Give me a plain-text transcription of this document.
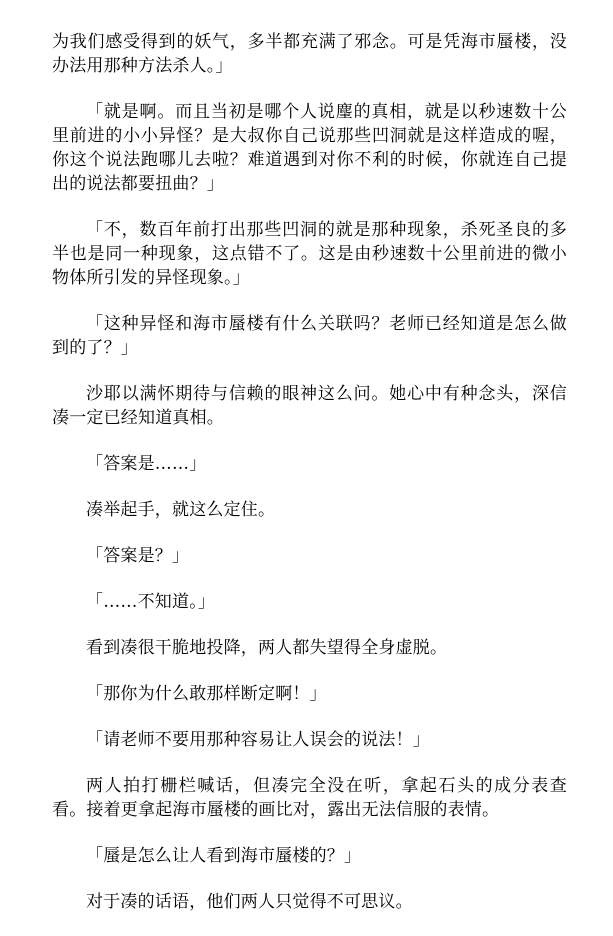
为我们感受得到的妖气，多半都充满了邪念。可是凭海市蜃楼，没办法用那种方法杀人。」

「就是啊。而且当初是哪个人说麈的真相，就是以秒速数十公里前进的小小异怪？是大叔你自己说那些凹洞就是这样造成的喔，你这个说法跑哪儿去啦？难道遇到对你不利的时候，你就连自己提出的说法都要扭曲？」

「不，数百年前打出那些凹洞的就是那种现象，杀死圣良的多半也是同一种现象，这点错不了。这是由秒速数十公里前进的微小物体所引发的异怪现象。」

「这种异怪和海市蜃楼有什么关联吗？老师已经知道是怎么做到的了？」

沙耶以满怀期待与信赖的眼神这么问。她心中有种念头，深信凑一定已经知道真相。

「答案是……」

凑举起手，就这么定住。

「答案是？」

「……不知道。」

看到凑很干脆地投降，两人都失望得全身虚脱。

「那你为什么敢那样断定啊！」

「请老师不要用那种容易让人误会的说法！」

两人拍打栅栏喊话，但凑完全没在听，拿起石头的成分表查看。接着更拿起海市蜃楼的画比对，露出无法信服的表情。

「蜃是怎么让人看到海市蜃楼的？」

对于凑的话语，他们两人只觉得不可思议。
